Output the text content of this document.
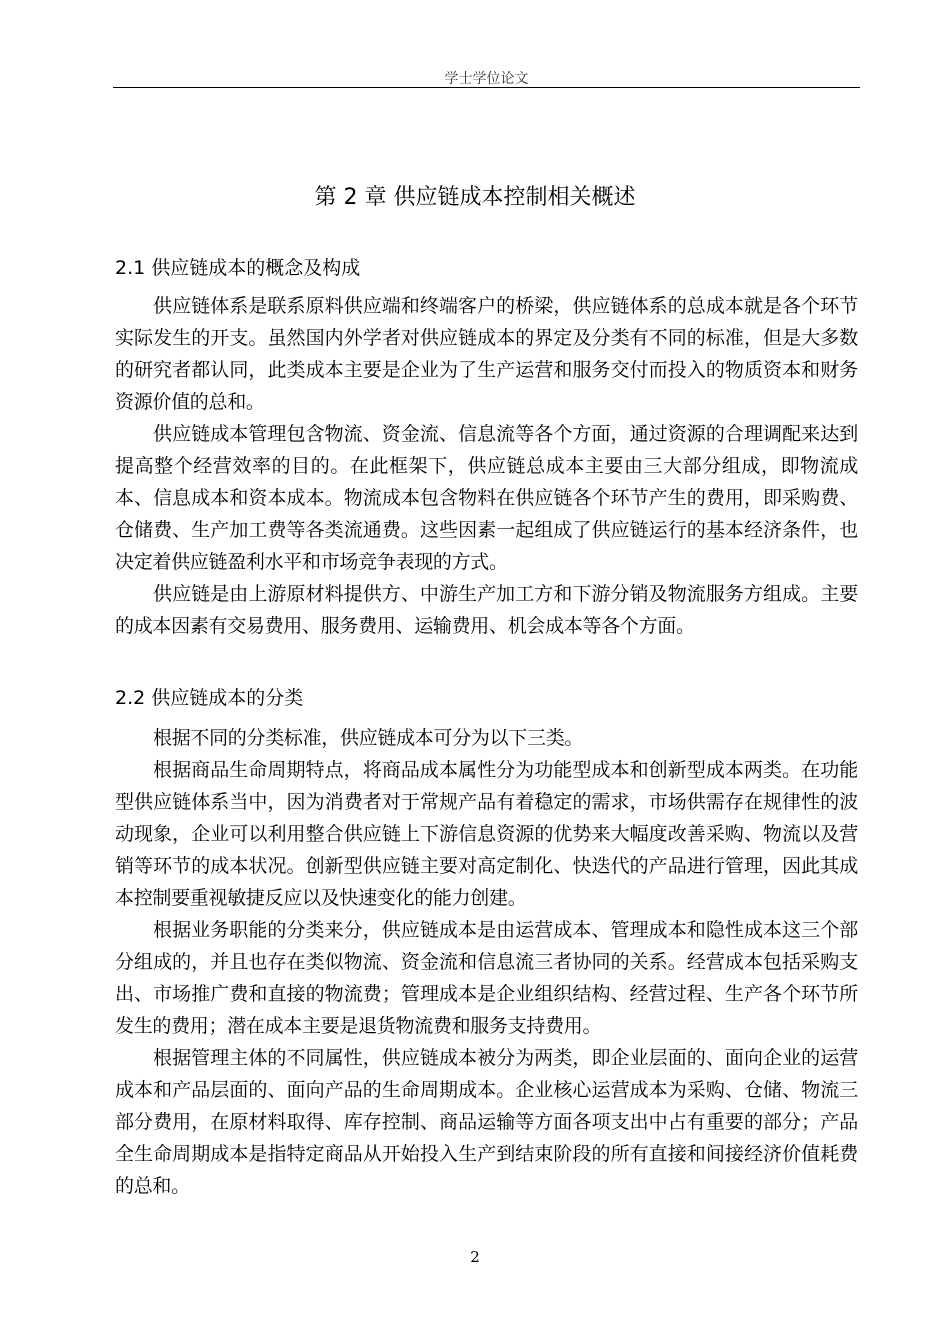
学士学位论文
第 2 章 供应链成本控制相关概述
2.1 供应链成本的概念及构成

供应链体系是联系原料供应端和终端客户的桥梁，供应链体系的总成本就是各个环节实际发生的开支。虽然国内外学者对供应链成本的界定及分类有不同的标准，但是大多数的研究者都认同，此类成本主要是企业为了生产运营和服务交付而投入的物质资本和财务资源价值的总和。

供应链成本管理包含物流、资金流、信息流等各个方面，通过资源的合理调配来达到提高整个经营效率的目的。在此框架下，供应链总成本主要由三大部分组成，即物流成本、信息成本和资本成本。物流成本包含物料在供应链各个环节产生的费用，即采购费、仓储费、生产加工费等各类流通费。这些因素一起组成了供应链运行的基本经济条件，也决定着供应链盈利水平和市场竞争表现的方式。

供应链是由上游原材料提供方、中游生产加工方和下游分销及物流服务方组成。主要的成本因素有交易费用、服务费用、运输费用、机会成本等各个方面。

2.2 供应链成本的分类

根据不同的分类标准，供应链成本可分为以下三类。

根据商品生命周期特点，将商品成本属性分为功能型成本和创新型成本两类。在功能型供应链体系当中，因为消费者对于常规产品有着稳定的需求，市场供需存在规律性的波动现象，企业可以利用整合供应链上下游信息资源的优势来大幅度改善采购、物流以及营销等环节的成本状况。创新型供应链主要对高定制化、快迭代的产品进行管理，因此其成本控制要重视敏捷反应以及快速变化的能力创建。

根据业务职能的分类来分，供应链成本是由运营成本、管理成本和隐性成本这三个部分组成的，并且也存在类似物流、资金流和信息流三者协同的关系。经营成本包括采购支出、市场推广费和直接的物流费；管理成本是企业组织结构、经营过程、生产各个环节所发生的费用；潜在成本主要是退货物流费和服务支持费用。

根据管理主体的不同属性，供应链成本被分为两类，即企业层面的、面向企业的运营成本和产品层面的、面向产品的生命周期成本。企业核心运营成本为采购、仓储、物流三部分费用，在原材料取得、库存控制、商品运输等方面各项支出中占有重要的部分；产品全生命周期成本是指特定商品从开始投入生产到结束阶段的所有直接和间接经济价值耗费的总和。

2
